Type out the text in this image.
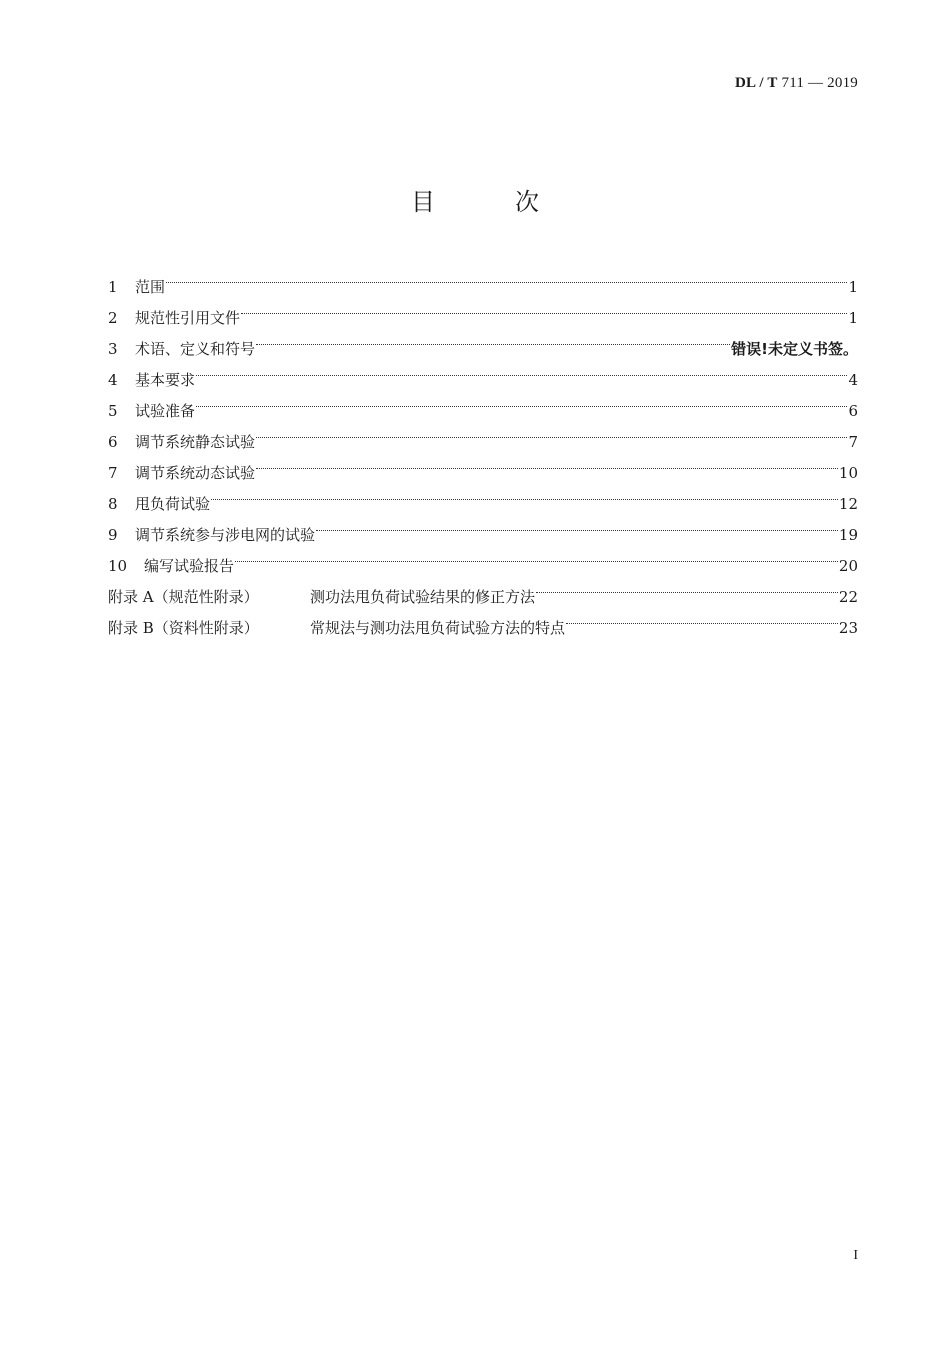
DL / T 711 — 2019
目	次
1	范围	1
2	规范性引用文件	1
3	术语、定义和符号	错误!未定义书签。
4	基本要求	4
5	试验准备	6
6	调节系统静态试验	7
7	调节系统动态试验	10
8	甩负荷试验	12
9	调节系统参与涉电网的试验	19
10	编写试验报告	20
附录 A（规范性附录）	测功法甩负荷试验结果的修正方法	22
附录 B（资料性附录）	常规法与测功法甩负荷试验方法的特点	23
I
